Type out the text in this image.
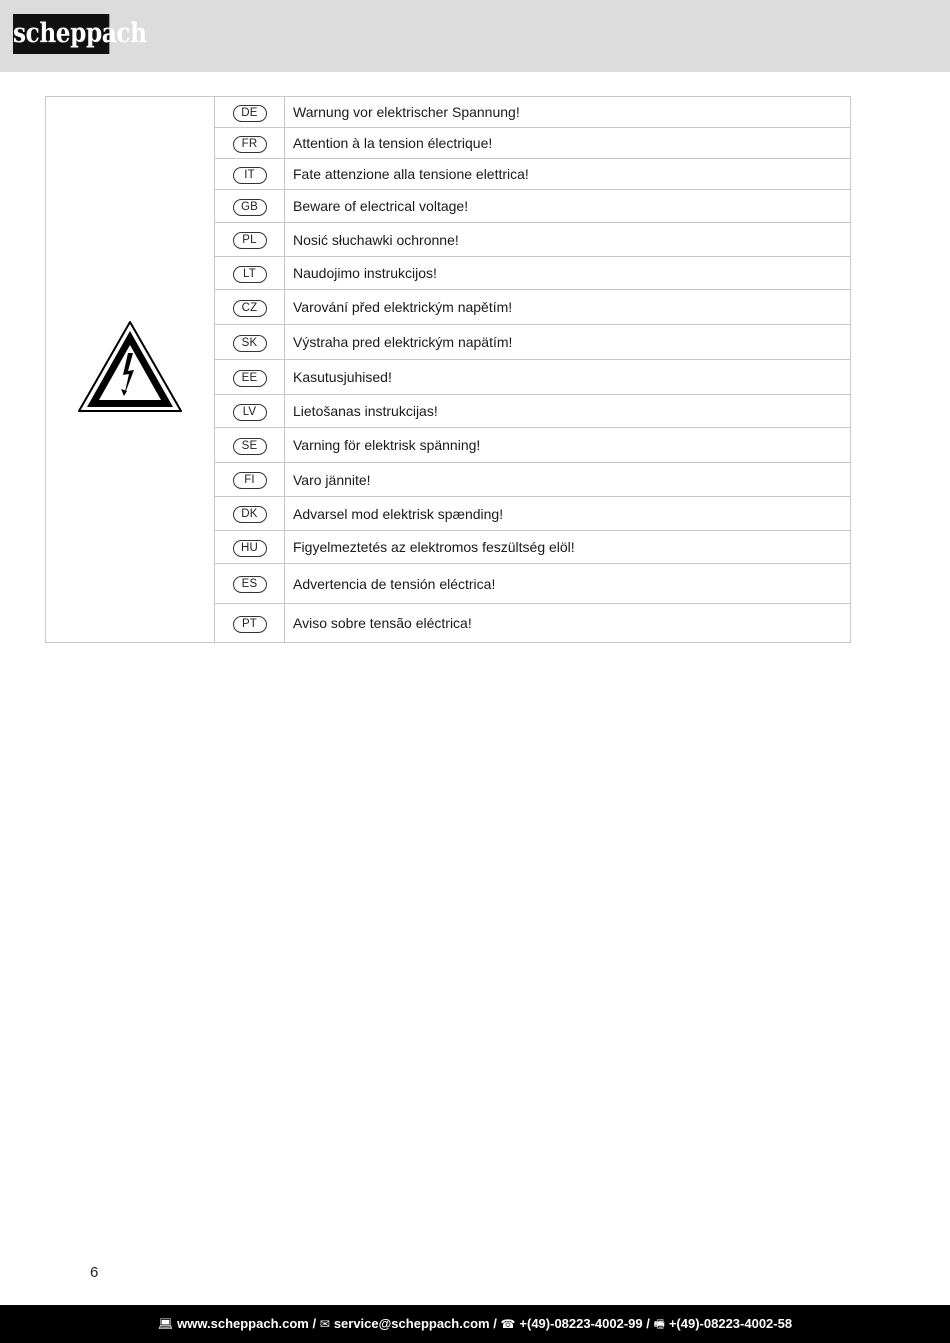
scheppach
	DE	Warnung vor elektrischer Spannung!
	FR	Attention à la tension électrique!
	IT	Fate attenzione alla tensione elettrica!
	GB	Beware of electrical voltage!
	PL	Nosić słuchawki ochronne!
	LT	Naudojimo instrukcijos!
	CZ	Varování před elektrickým napětím!
	SK	Výstraha pred elektrickým napätím!
	EE	Kasutusjuhised!
	LV	Lietošanas instrukcijas!
	SE	Varning för elektrisk spänning!
	FI	Varo jännite!
	DK	Advarsel mod elektrisk spænding!
	HU	Figyelmeztetés az elektromos feszültség elöl!
	ES	Advertencia de tensión eléctrica!
	PT	Aviso sobre tensão eléctrica!
6
💻︎ www.scheppach.com / ✉︎ service@scheppach.com / ☎︎ +(49)-08223-4002-99 / 🖷︎ +(49)-08223-4002-58
